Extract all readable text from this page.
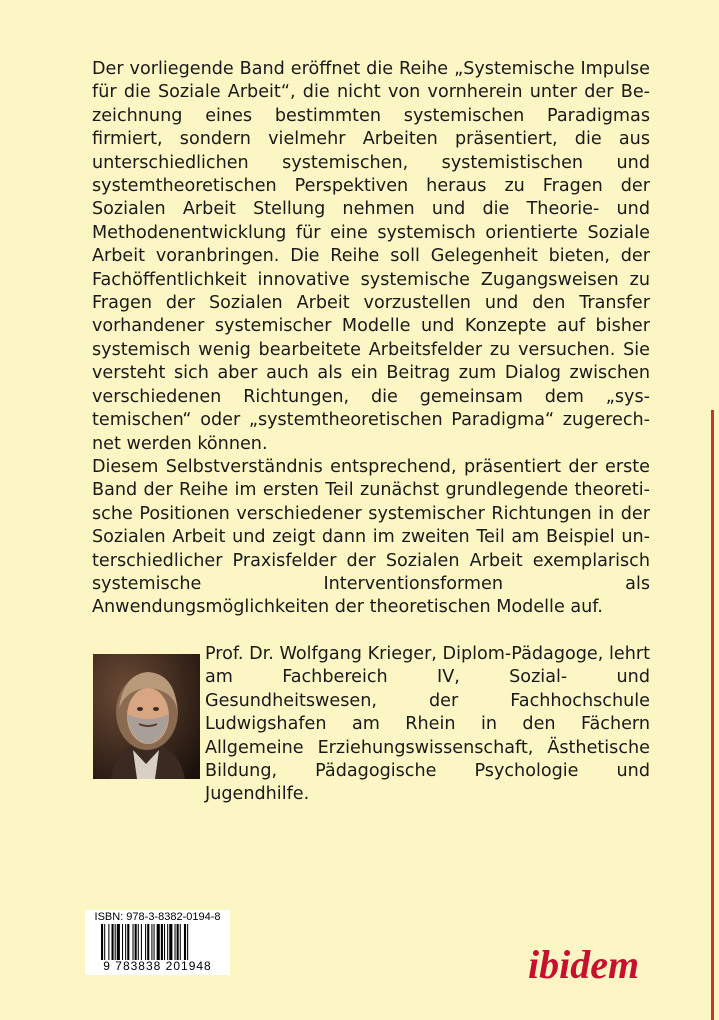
Der vorliegende Band eröffnet die Reihe „Systemische Impulse für die Soziale Arbeit“, die nicht von vornherein unter der Bezeichnung eines bestimmten systemischen Paradigmas firmiert, sondern vielmehr Arbeiten präsentiert, die aus unterschiedlichen systemischen, systemistischen und systemtheoretischen Perspektiven heraus zu Fragen der Sozialen Arbeit Stellung nehmen und die Theorie- und Methodenentwicklung für eine systemisch orientierte Soziale Arbeit voranbringen. Die Reihe soll Gelegenheit bieten, der Fachöffentlichkeit innovative systemische Zugangsweisen zu Fragen der Sozialen Arbeit vorzustellen und den Transfer vorhandener systemischer Modelle und Konzepte auf bisher systemisch wenig bearbeitete Arbeitsfelder zu versuchen. Sie versteht sich aber auch als ein Beitrag zum Dialog zwischen verschiedenen Richtungen, die gemeinsam dem „systemischen“ oder „systemtheoretischen Paradigma“ zugerechnet werden können.

Diesem Selbstverständnis entsprechend, präsentiert der erste Band der Reihe im ersten Teil zunächst grundlegende theoretische Positionen verschiedener systemischer Richtungen in der Sozialen Arbeit und zeigt dann im zweiten Teil am Beispiel unterschiedlicher Praxisfelder der Sozialen Arbeit exemplarisch systemische Interventionsformen als Anwendungsmöglichkeiten der theoretischen Modelle auf.

Prof. Dr. Wolfgang Krieger, Diplom-Pädagoge, lehrt am Fachbereich IV, Sozial- und Gesundheitswesen, der Fachhochschule Ludwigshafen am Rhein in den Fächern Allgemeine Erziehungswissenschaft, Ästhetische Bildung, Pädagogische Psychologie und Jugendhilfe.
ISBN: 978-3-8382-0194-8
9 783838 201948	ibidem
